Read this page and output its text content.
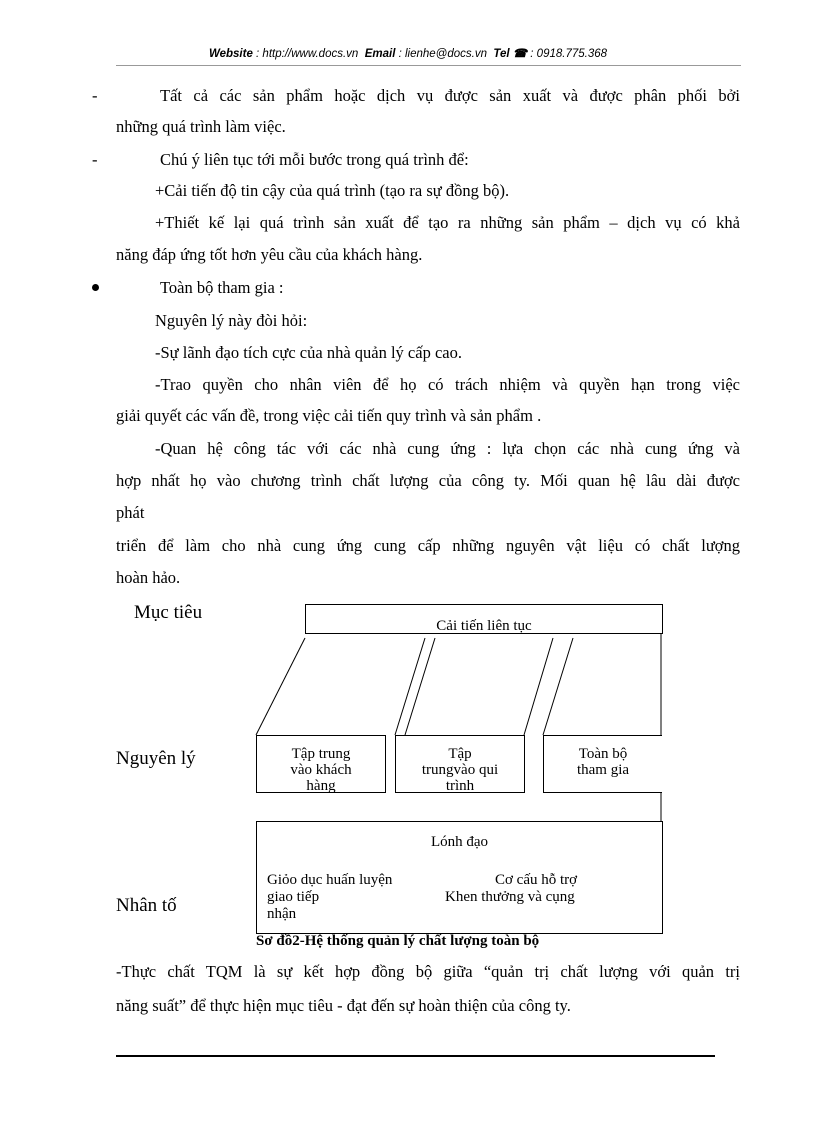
Website : http://www.docs.vn Email : lienhe@docs.vn Tel ☎ : 0918.775.368
-	Tất cả các sản phẩm hoặc dịch vụ được sản xuất và được phân phối bởi
những quá trình làm việc.
-	Chú ý liên tục tới mỗi bước trong quá trình để:
+Cải tiến độ tin cậy của quá trình (tạo ra sự đồng bộ).
+Thiết kế lại quá trình sản xuất để tạo ra những sản phẩm – dịch vụ có khả
năng đáp ứng tốt hơn yêu cầu của khách hàng.
Toàn bộ tham gia :
Nguyên lý này đòi hỏi:
-Sự lãnh đạo tích cực của nhà quản lý cấp cao.
-Trao quyền cho nhân viên để họ có trách nhiệm và quyền hạn trong việc
giải quyết các vấn đề, trong việc cải tiến quy trình và sản phẩm .
-Quan hệ công tác với các nhà cung ứng : lựa chọn các nhà cung ứng và
hợp nhất họ vào chương trình chất lượng của công ty. Mối quan hệ lâu dài được
phát
triển để làm cho nhà cung ứng cung cấp những nguyên vật liệu có chất lượng
hoàn hảo.
Mục tiêu
Nguyên lý
Nhân tố
Cải tiến liên tục
Tập trung
vào khách
hàng
Tập
trungvào qui
trình
Toàn bộ
tham gia
Lónh đạo
Giỏo dục huấn luyện
giao tiếp
nhận
Cơ cấu hỗ trợ
Khen thưởng và cụng
Sơ đồ2-Hệ thống quản lý chất lượng toàn bộ
-Thực chất TQM là sự kết hợp đồng bộ giữa “quản trị chất lượng với quản trị
năng suất” để thực hiện mục tiêu - đạt đến sự hoàn thiện của công ty.
